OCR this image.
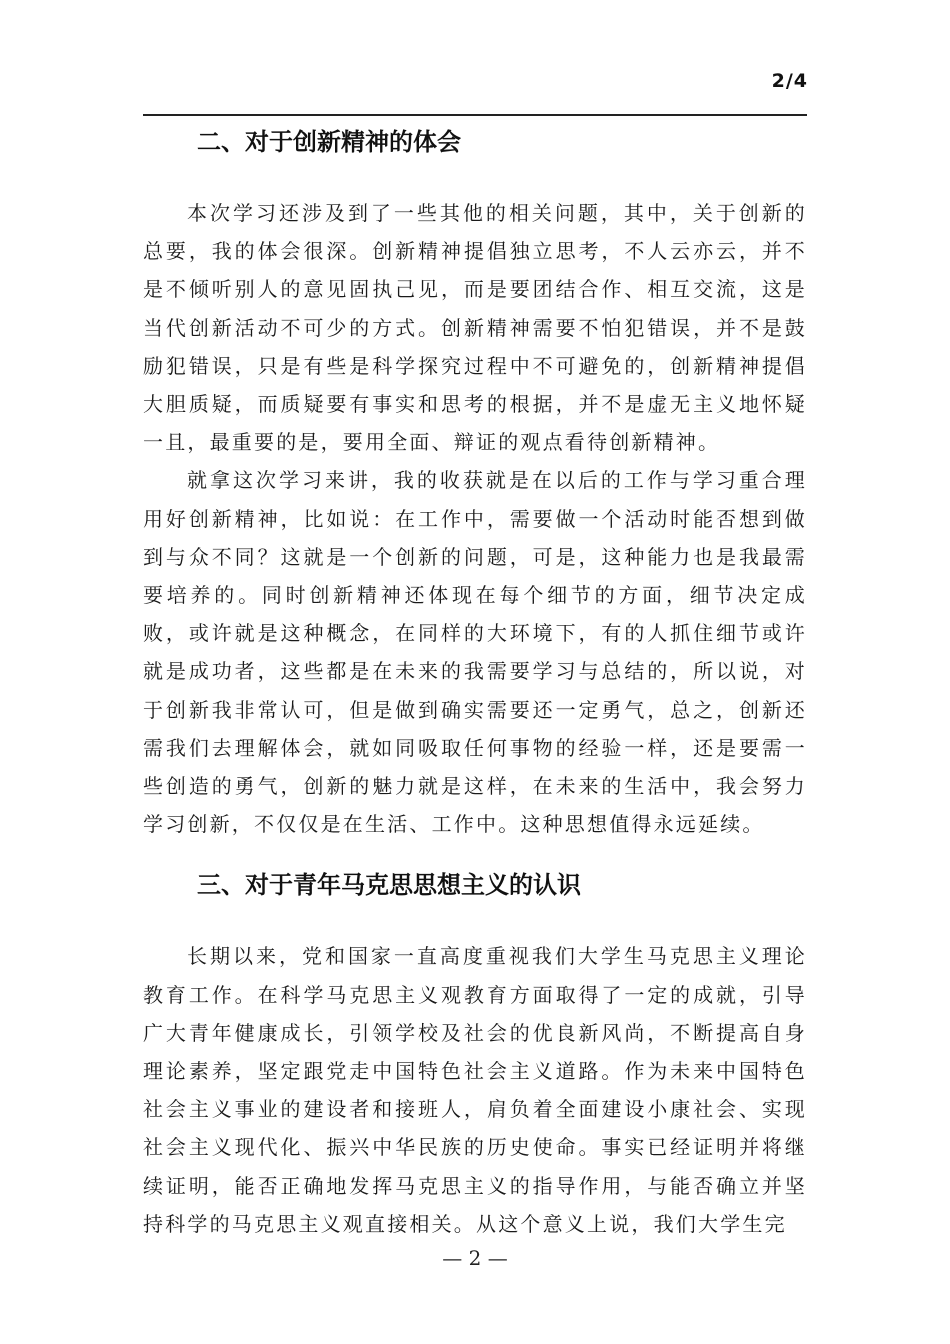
2/4
二、对于创新精神的体会

本次学习还涉及到了一些其他的相关问题，其中，关于创新的总要，我的体会很深。创新精神提倡独立思考，不人云亦云，并不是不倾听别人的意见固执己见，而是要团结合作、相互交流，这是当代创新活动不可少的方式。创新精神需要不怕犯错误，并不是鼓励犯错误，只是有些是科学探究过程中不可避免的，创新精神提倡大胆质疑，而质疑要有事实和思考的根据，并不是虚无主义地怀疑一且，最重要的是，要用全面、辩证的观点看待创新精神。

就拿这次学习来讲，我的收获就是在以后的工作与学习重合理用好创新精神，比如说：在工作中，需要做一个活动时能否想到做到与众不同？这就是一个创新的问题，可是，这种能力也是我最需要培养的。同时创新精神还体现在每个细节的方面，细节决定成败，或许就是这种概念，在同样的大环境下，有的人抓住细节或许就是成功者，这些都是在未来的我需要学习与总结的，所以说，对于创新我非常认可，但是做到确实需要还一定勇气，总之，创新还需我们去理解体会，就如同吸取任何事物的经验一样，还是要需一些创造的勇气，创新的魅力就是这样，在未来的生活中，我会努力学习创新，不仅仅是在生活、工作中。这种思想值得永远延续。

三、对于青年马克思思想主义的认识

长期以来，党和国家一直高度重视我们大学生马克思主义理论教育工作。在科学马克思主义观教育方面取得了一定的成就，引导广大青年健康成长，引领学校及社会的优良新风尚，不断提高自身理论素养，坚定跟党走中国特色社会主义道路。作为未来中国特色社会主义事业的建设者和接班人，肩负着全面建设小康社会、实现社会主义现代化、振兴中华民族的历史使命。事实已经证明并将继续证明，能否正确地发挥马克思主义的指导作用，与能否确立并坚持科学的马克思主义观直接相关。从这个意义上说，我们大学生完

— 2 —
